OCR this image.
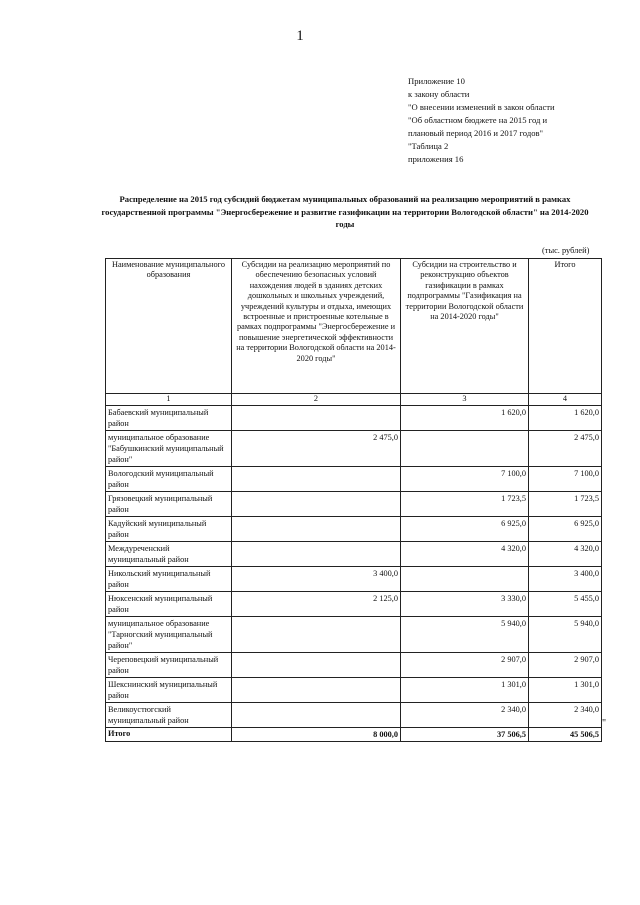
1
Приложение 10
к закону области
"О внесении изменений в закон области
"Об областном бюджете на 2015 год и
плановый период 2016 и 2017 годов"
"Таблица 2
приложения 16
Распределение на 2015 год субсидий бюджетам муниципальных образований на реализацию мероприятий в рамках государственной программы "Энергосбережение и развитие газификации на территории Вологодской области" на 2014-2020 годы
(тыс. рублей)
Наименование муниципального образования	Субсидии на реализацию мероприятий по обеспечению безопасных условий нахождения людей в зданиях детских дошкольных и школьных учреждений, учреждений культуры и отдыха, имеющих встроенные и пристроенные котельные в рамках подпрограммы "Энергосбережение и повышение энергетической эффективности на территории Вологодской области на 2014-2020 годы"	Субсидии на строительство и реконструкцию объектов газификации в рамках подпрограммы "Газификация на территории Вологодской области на 2014-2020 годы"	Итого
1	2	3	4
Бабаевский муниципальный район		1 620,0	1 620,0
муниципальное образование "Бабушкинский муниципальный район"	2 475,0		2 475,0
Вологодский муниципальный район		7 100,0	7 100,0
Грязовецкий муниципальный район		1 723,5	1 723,5
Кадуйский муниципальный район		6 925,0	6 925,0
Междуреченский муниципальный район		4 320,0	4 320,0
Никольский муниципальный район	3 400,0		3 400,0
Нюксенский муниципальный район	2 125,0	3 330,0	5 455,0
муниципальное образование "Тарногский муниципальный район"		5 940,0	5 940,0
Череповецкий муниципальный район		2 907,0	2 907,0
Шекснинский муниципальный район		1 301,0	1 301,0
Великоустюгский муниципальный район		2 340,0	2 340,0
Итого	8 000,0	37 506,5	45 506,5
"
